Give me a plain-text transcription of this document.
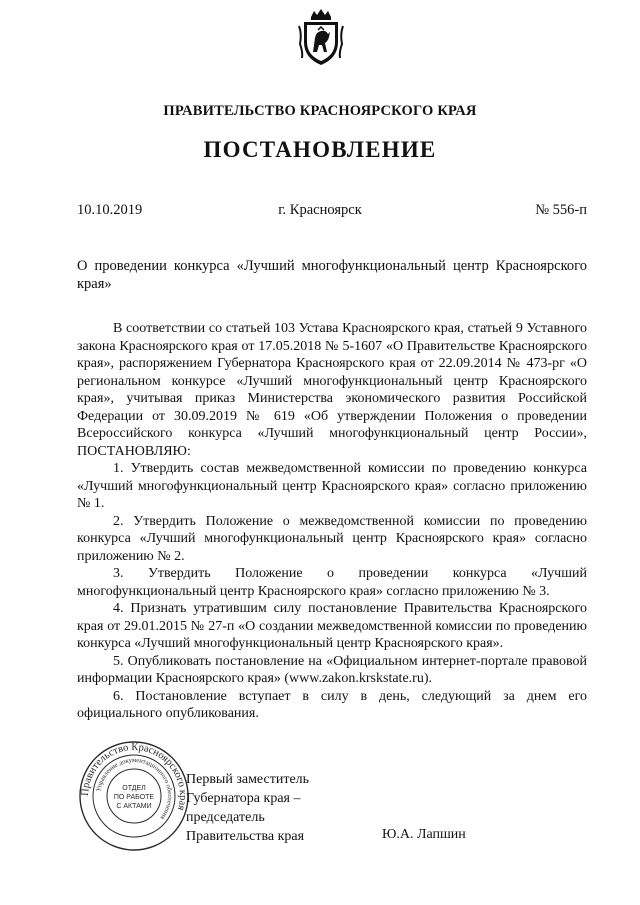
ПРАВИТЕЛЬСТВО КРАСНОЯРСКОГО КРАЯ
ПОСТАНОВЛЕНИЕ
10.10.2019	г. Красноярск	№ 556-п
О проведении конкурса «Лучший многофункциональный центр Красноярского края»

В соответствии со статьей 103 Устава Красноярского края, статьей 9 Уставного закона Красноярского края от 17.05.2018 № 5-1607 «О Правительстве Красноярского края», распоряжением Губернатора Красноярского края от 22.09.2014 № 473-рг «О региональном конкурсе «Лучший многофункциональный центр Красноярского края», учитывая приказ Министерства экономического развития Российской Федерации от 30.09.2019 № 619 «Об утверждении Положения о проведении Всероссийского конкурса «Лучший многофункциональный центр России», ПОСТАНОВЛЯЮ:

1. Утвердить состав межведомственной комиссии по проведению конкурса «Лучший многофункциональный центр Красноярского края» согласно приложению № 1.

2. Утвердить Положение о межведомственной комиссии по проведению конкурса «Лучший многофункциональный центр Красноярского края» согласно приложению № 2.

3. Утвердить Положение о проведении конкурса «Лучший многофункциональный центр Красноярского края» согласно приложению № 3.

4. Признать утратившим силу постановление Правительства Красноярского края от 29.01.2015 № 27-п «О создании межведомственной комиссии по проведению конкурса «Лучший многофункциональный центр Красноярского края».

5. Опубликовать постановление на «Официальном интернет-портале правовой информации Красноярского края» (www.zakon.krskstate.ru).

6. Постановление вступает в силу в день, следующий за днем его официального опубликования.

Правительство Красноярского края
Управление документационного обеспечения
ОТДЕЛ
ПО РАБОТЕ
С АКТАМИ
Первый заместитель
Губернатора края –
председатель
Правительства края	Ю.А. Лапшин
